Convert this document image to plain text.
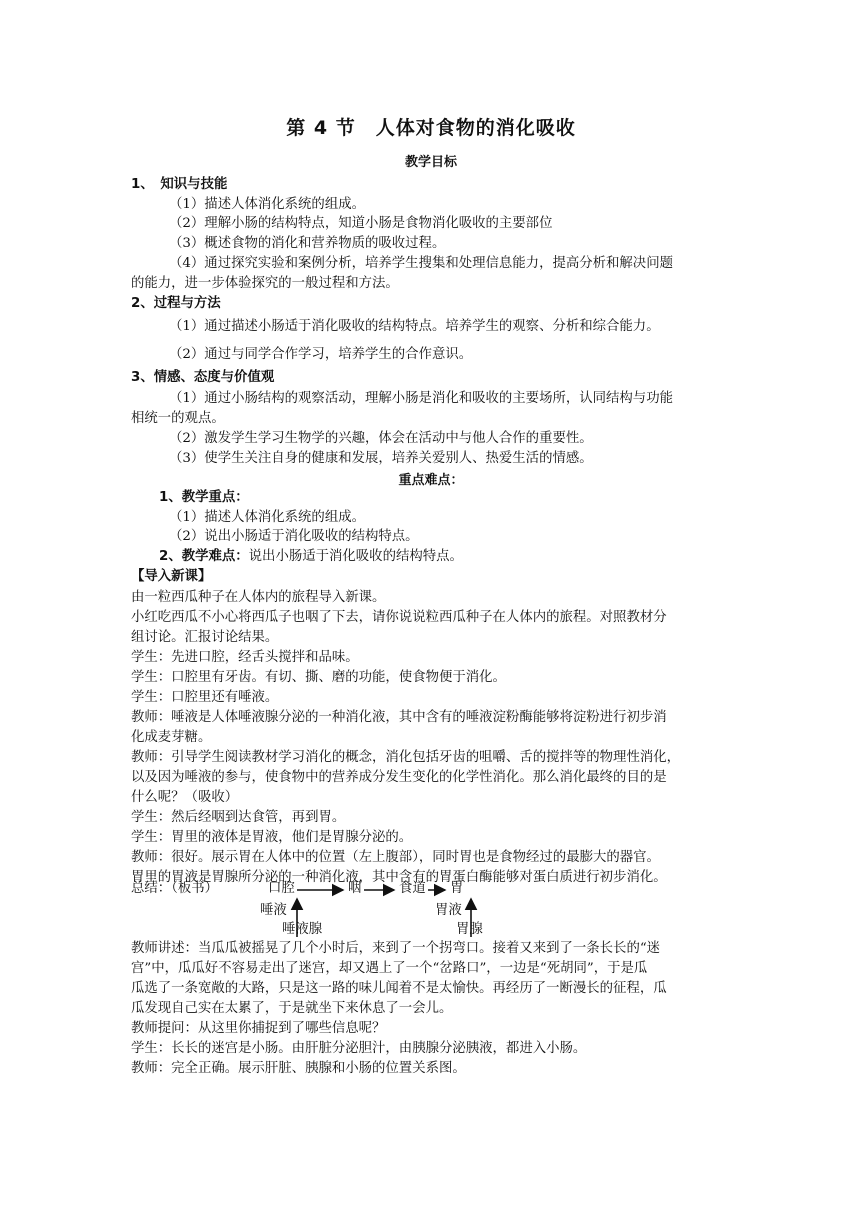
第 4 节　人体对食物的消化吸收
教学目标
1、　知识与技能
（1）描述人体消化系统的组成。
（2）理解小肠的结构特点，知道小肠是食物消化吸收的主要部位
（3）概述食物的消化和营养物质的吸收过程。
（4）通过探究实验和案例分析，培养学生搜集和处理信息能力，提高分析和解决问题
的能力，进一步体验探究的一般过程和方法。
2、过程与方法
（1）通过描述小肠适于消化吸收的结构特点。培养学生的观察、分析和综合能力。
（2）通过与同学合作学习，培养学生的合作意识。
3、情感、态度与价值观
（1）通过小肠结构的观察活动，理解小肠是消化和吸收的主要场所，认同结构与功能
相统一的观点。
（2）激发学生学习生物学的兴趣，体会在活动中与他人合作的重要性。
（3）使学生关注自身的健康和发展，培养关爱别人、热爱生活的情感。
重点难点：
1、教学重点：
（1）描述人体消化系统的组成。
（2）说出小肠适于消化吸收的结构特点。
2、教学难点：说出小肠适于消化吸收的结构特点。
【导入新课】
由一粒西瓜种子在人体内的旅程导入新课。
小红吃西瓜不小心将西瓜子也咽了下去，请你说说粒西瓜种子在人体内的旅程。对照教材分
组讨论。汇报讨论结果。
学生：先进口腔，经舌头搅拌和品味。
学生：口腔里有牙齿。有切、撕、磨的功能，使食物便于消化。
学生：口腔里还有唾液。
教师：唾液是人体唾液腺分泌的一种消化液，其中含有的唾液淀粉酶能够将淀粉进行初步消
化成麦芽糖。
教师：引导学生阅读教材学习消化的概念，消化包括牙齿的咀嚼、舌的搅拌等的物理性消化，
以及因为唾液的参与，使食物中的营养成分发生变化的化学性消化。那么消化最终的目的是
什么呢？（吸收）
学生：然后经咽到达食管，再到胃。
学生：胃里的液体是胃液，他们是胃腺分泌的。
教师：很好。展示胃在人体中的位置（左上腹部），同时胃也是食物经过的最膨大的器官。
胃里的胃液是胃腺所分泌的一种消化液，其中含有的胃蛋白酶能够对蛋白质进行初步消化。
总结：（板书）	口腔	咽	食道 胃
唾液
唾液腺
胃液
胃腺
教师讲述：当瓜瓜被摇晃了几个小时后，来到了一个拐弯口。接着又来到了一条长长的“迷
宫”中，瓜瓜好不容易走出了迷宫，却又遇上了一个“岔路口”，一边是“死胡同”，于是瓜
瓜选了一条宽敞的大路，只是这一路的味儿闻着不是太愉快。再经历了一断漫长的征程，瓜
瓜发现自己实在太累了，于是就坐下来休息了一会儿。
教师提问：从这里你捕捉到了哪些信息呢？
学生：长长的迷宫是小肠。由肝脏分泌胆汁，由胰腺分泌胰液，都进入小肠。
教师：完全正确。展示肝脏、胰腺和小肠的位置关系图。
